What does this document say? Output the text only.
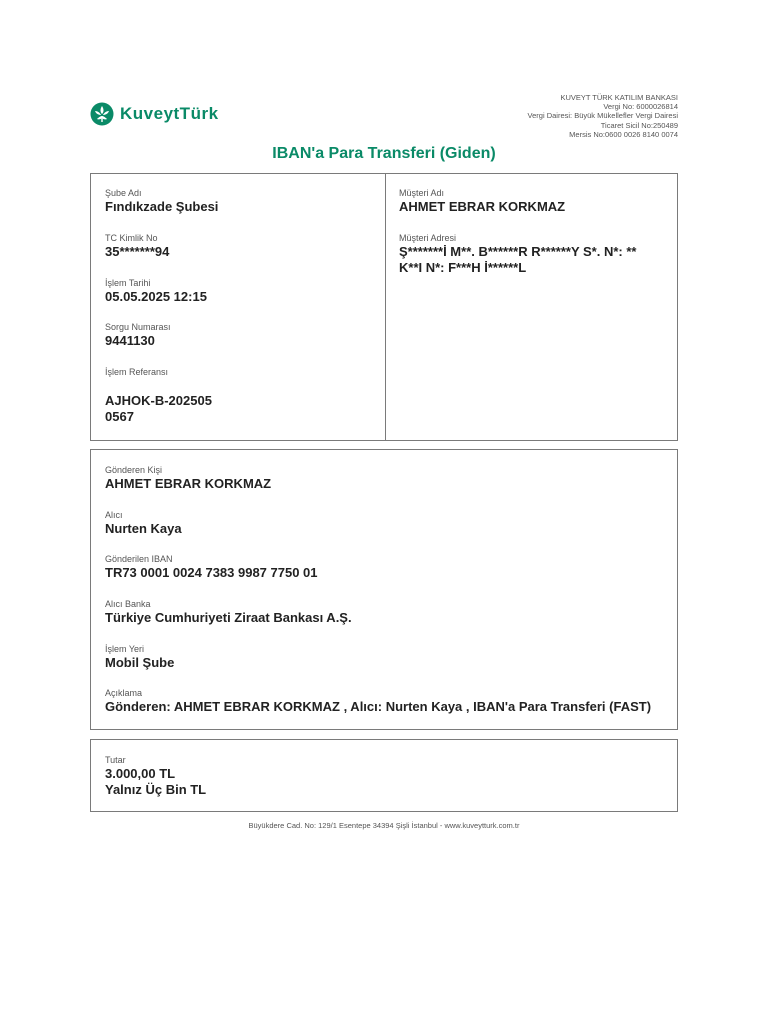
KuveytTürk
KUVEYT TÜRK KATILIM BANKASI
Vergi No: 6000026814
Vergi Dairesi: Büyük Mükellefler Vergi Dairesi
Ticaret Sicil No:250489
Mersis No:0600 0026 8140 0074
IBAN'a Para Transferi (Giden)
Şube Adı
Fındıkzade Şubesi
TC Kimlik No
35*******94
İşlem Tarihi
05.05.2025 12:15
Sorgu Numarası
9441130
İşlem Referansı
AJHOK-B-202505
0567
Müşteri Adı
AHMET EBRAR KORKMAZ
Müşteri Adresi
Ş*******İ M**. B******R R******Y S*. N*: **
K**I N*: F***H İ******L
Gönderen Kişi
AHMET EBRAR KORKMAZ
Alıcı
Nurten Kaya
Gönderilen IBAN
TR73 0001 0024 7383 9987 7750 01
Alıcı Banka
Türkiye Cumhuriyeti Ziraat Bankası A.Ş.
İşlem Yeri
Mobil Şube
Açıklama
Gönderen: AHMET EBRAR KORKMAZ , Alıcı: Nurten Kaya , IBAN'a Para Transferi (FAST)
Tutar
3.000,00 TL
Yalnız Üç Bin TL
Büyükdere Cad. No: 129/1 Esentepe 34394 Şişli İstanbul - www.kuveytturk.com.tr
